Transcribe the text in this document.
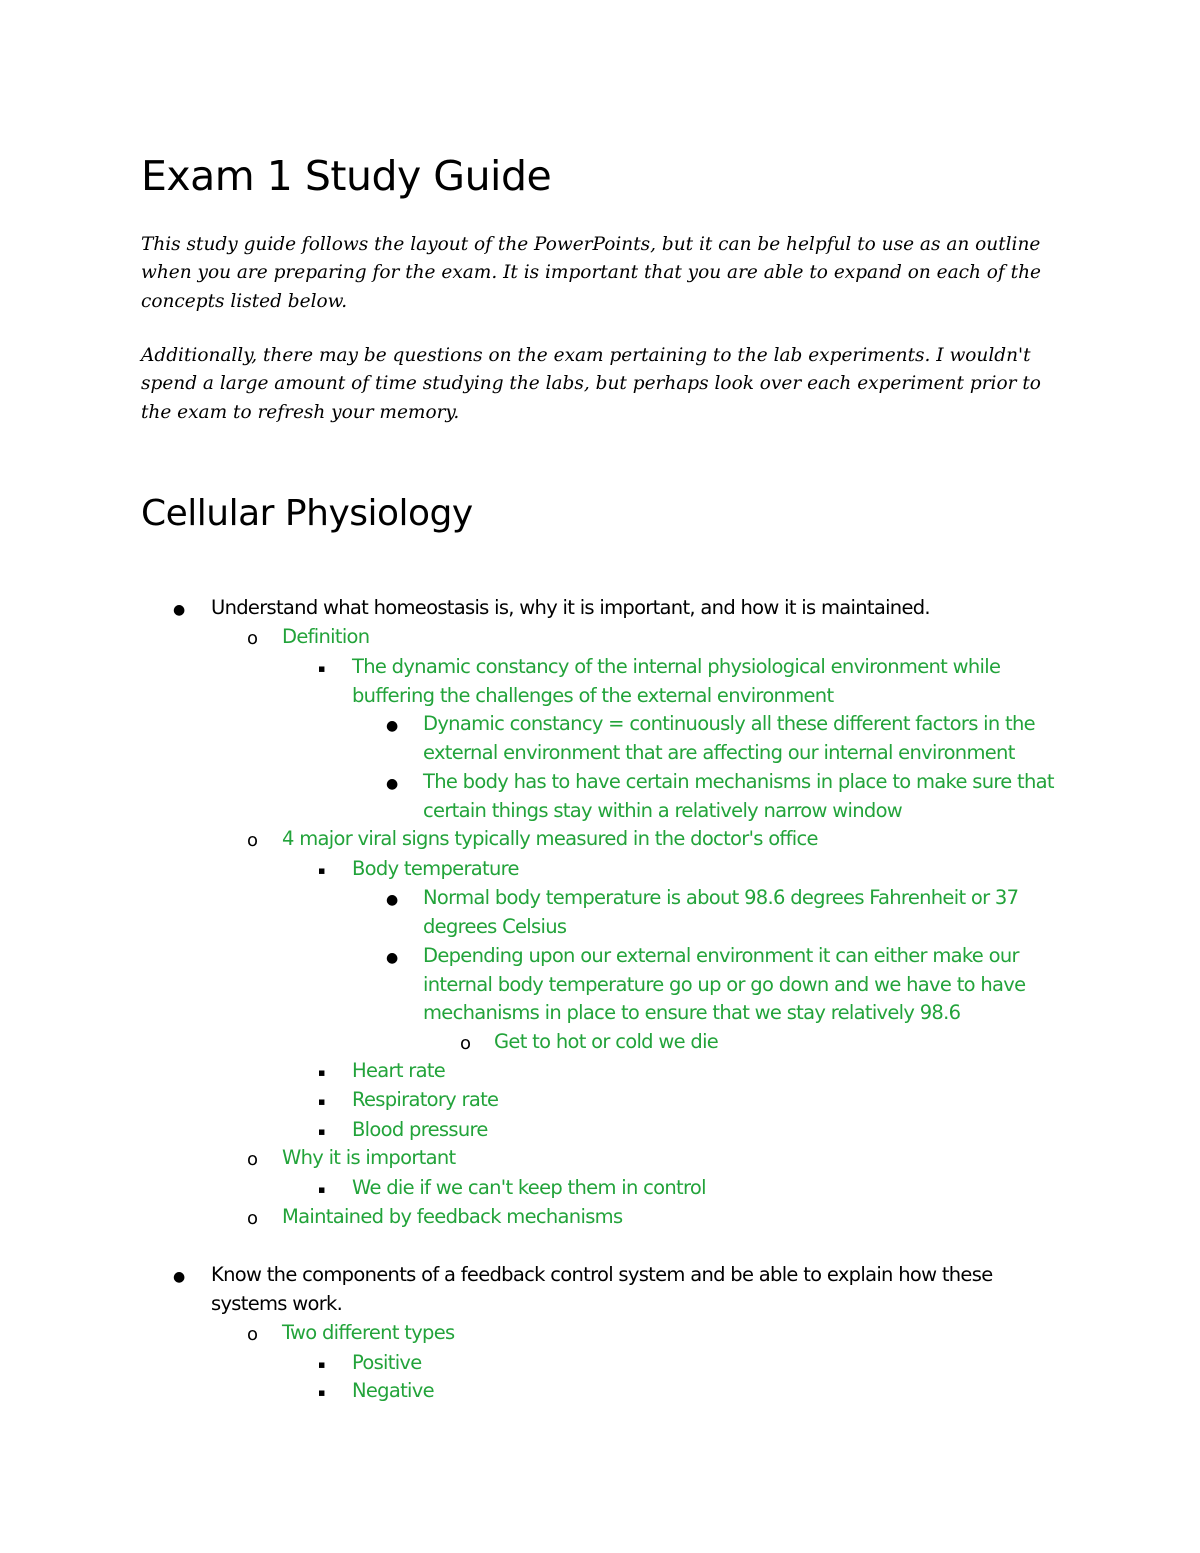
Exam 1 Study Guide

This study guide follows the layout of the PowerPoints, but it can be helpful to use as an outline when you are preparing for the exam. It is important that you are able to expand on each of the concepts listed below.

Additionally, there may be questions on the exam pertaining to the lab experiments. I wouldn't spend a large amount of time studying the labs, but perhaps look over each experiment prior to the exam to refresh your memory.

Cellular Physiology
● Understand what homeostasis is, why it is important, and how it is maintained.

o Definition

▪ The dynamic constancy of the internal physiological environment while buffering the challenges of the external environment

● Dynamic constancy = continuously all these different factors in the external environment that are affecting our internal environment

● The body has to have certain mechanisms in place to make sure that certain things stay within a relatively narrow window

o 4 major viral signs typically measured in the doctor's office

▪ Body temperature

● Normal body temperature is about 98.6 degrees Fahrenheit or 37 degrees Celsius

● Depending upon our external environment it can either make our internal body temperature go up or go down and we have to have mechanisms in place to ensure that we stay relatively 98.6

o Get to hot or cold we die

▪ Heart rate

▪ Respiratory rate

▪ Blood pressure

o Why it is important

▪ We die if we can't keep them in control

o Maintained by feedback mechanisms

● Know the components of a feedback control system and be able to explain how these systems work.

o Two different types

▪ Positive

▪ Negative
